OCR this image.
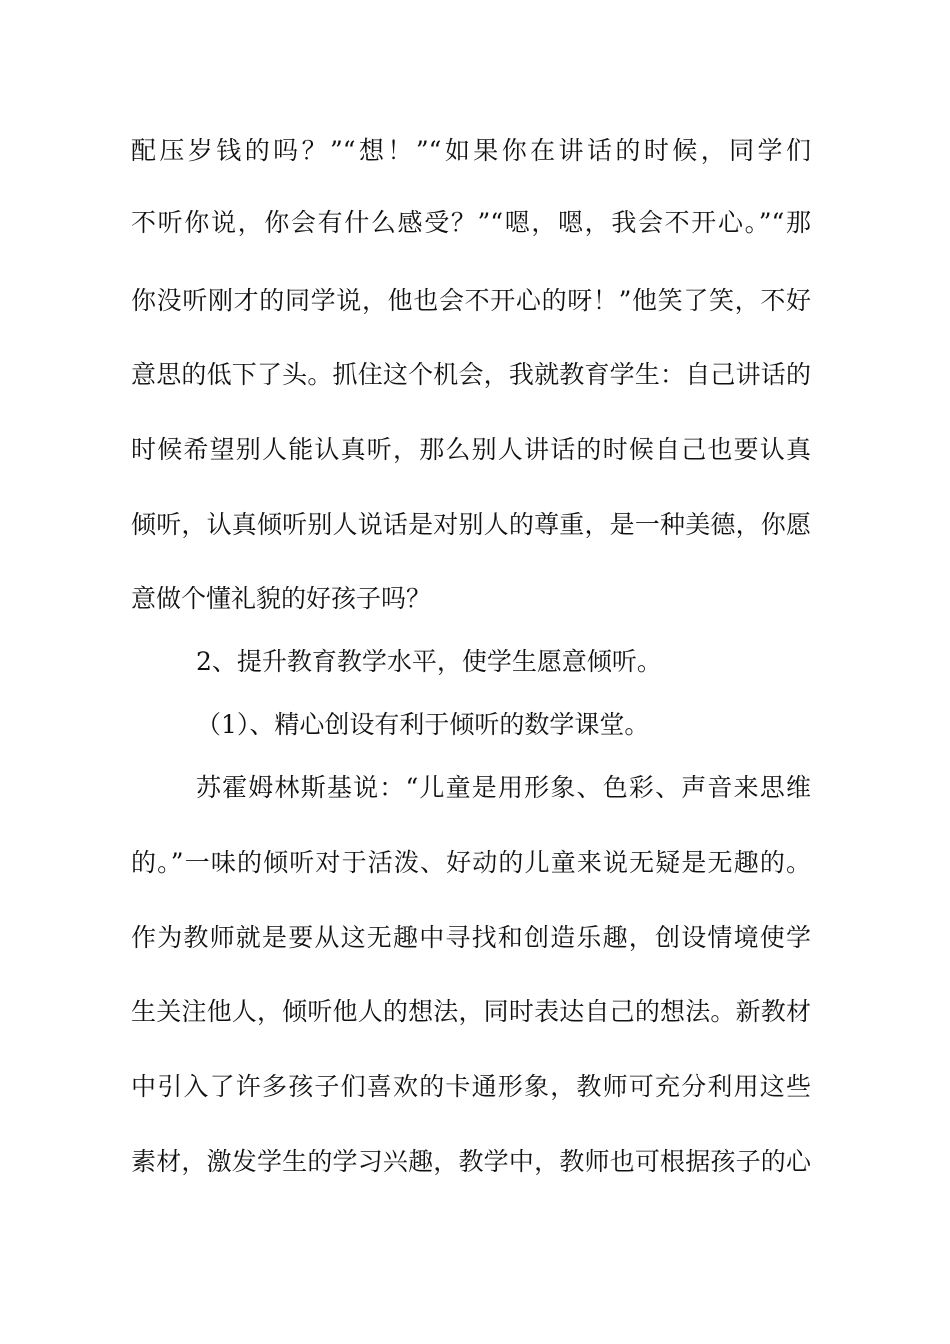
配压岁钱的吗？”“想！”“如果你在讲话的时候，同学们

不听你说，你会有什么感受？”“嗯，嗯，我会不开心。”“那

你没听刚才的同学说，他也会不开心的呀！”他笑了笑，不好

意思的低下了头。抓住这个机会，我就教育学生：自己讲话的

时候希望别人能认真听，那么别人讲话的时候自己也要认真

倾听，认真倾听别人说话是对别人的尊重，是一种美德，你愿

意做个懂礼貌的好孩子吗？

2、提升教育教学水平，使学生愿意倾听。

（1）、精心创设有利于倾听的数学课堂。

苏霍姆林斯基说：“儿童是用形象、色彩、声音来思维

的。”一味的倾听对于活泼、好动的儿童来说无疑是无趣的。

作为教师就是要从这无趣中寻找和创造乐趣，创设情境使学

生关注他人，倾听他人的想法，同时表达自己的想法。新教材

中引入了许多孩子们喜欢的卡通形象，教师可充分利用这些

素材，激发学生的学习兴趣，教学中，教师也可根据孩子的心
